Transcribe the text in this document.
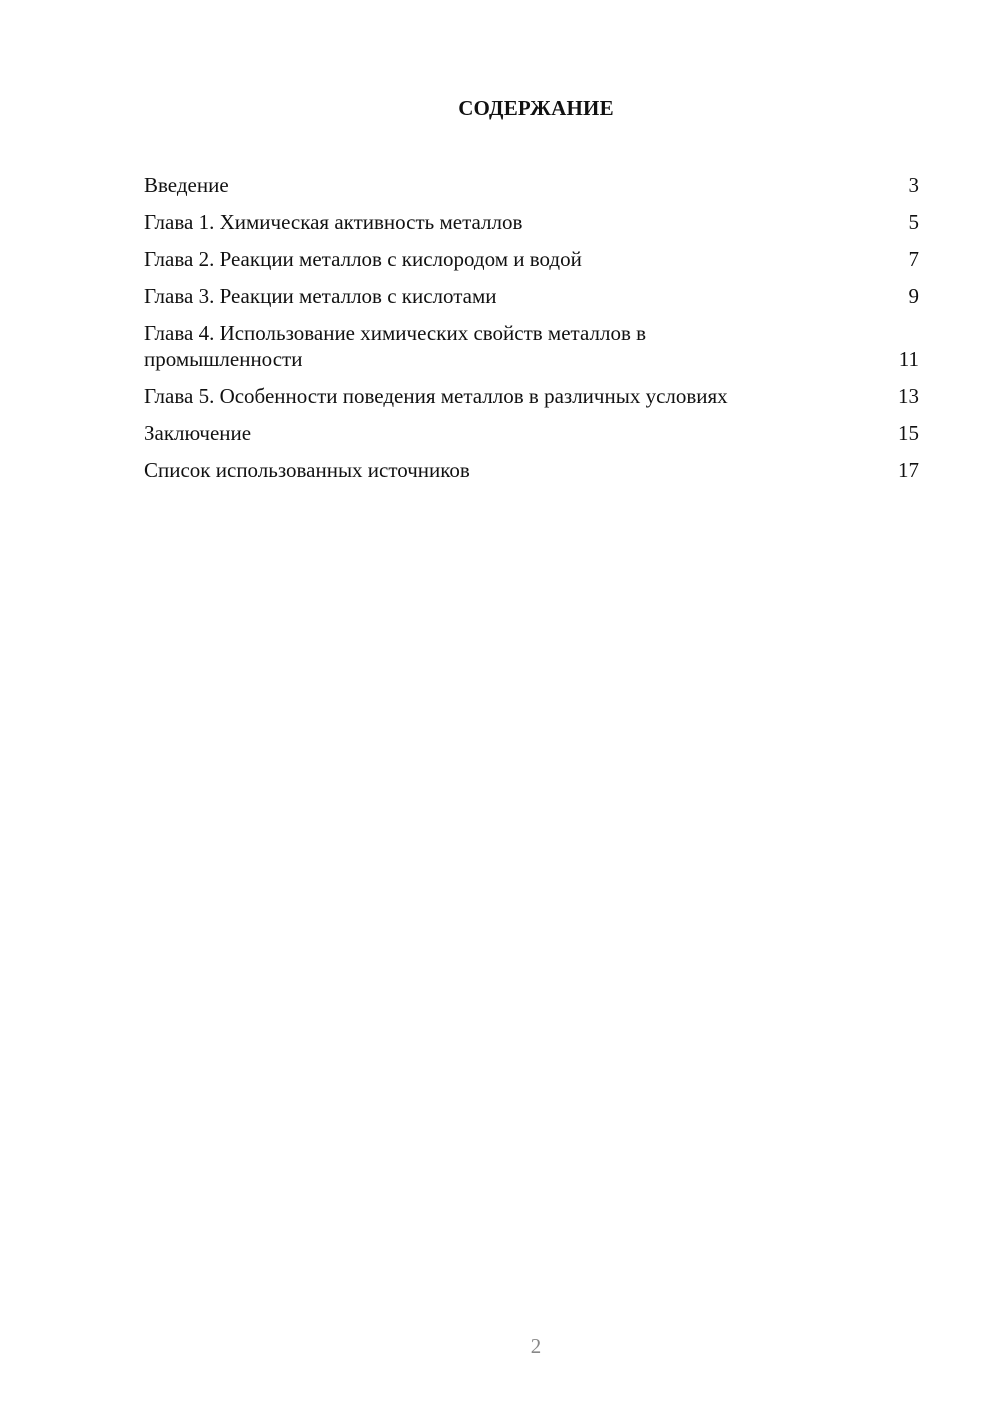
СОДЕРЖАНИЕ
Введение	3
Глава 1. Химическая активность металлов	5
Глава 2. Реакции металлов с кислородом и водой	7
Глава 3. Реакции металлов с кислотами	9
Глава 4. Использование химических свойств металлов в промышленности	11
Глава 5. Особенности поведения металлов в различных условиях	13
Заключение	15
Список использованных источников	17
2
